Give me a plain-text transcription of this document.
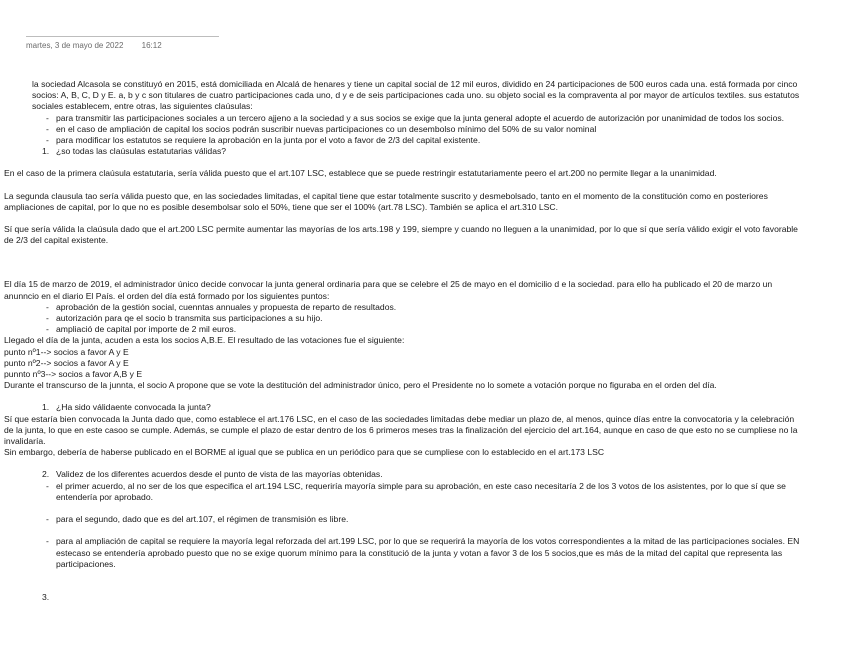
martes, 3 de mayo de 2022 16:12

la sociedad Alcasola se constituyó en 2015, está domiciliada en Alcalá de henares y tiene un capital social de 12 mil euros, dividido en 24 participaciones de 500 euros cada una. está formada por cinco socios: A, B, C, D y E. a, b y c son titulares de cuatro participaciones cada uno, d y e de seis participaciones cada uno. su objeto social es la compraventa al por mayor de artículos textiles. sus estatutos sociales establecem, entre otras, las siguientes claúsulas:

- para transmitir las participaciones sociales a un tercero ajjeno a la sociedad y a sus socios se exige que la junta general adopte el acuerdo de autorización por unanimidad de todos los socios.
- en el caso de ampliación de capital los socios podrán suscribir nuevas participaciones co un desembolso mínimo del 50% de su valor nominal
- para modificar los estatutos se requiere la aprobación en la junta por el voto a favor de 2/3 del capital existente.
1. ¿so todas las claúsulas estatutarias válidas?

En el caso de la primera claúsula estatutaria, sería válida puesto que el art.107 LSC, establece que se puede restringir estatutariamente peero el art.200 no permite llegar a la unanimidad.

La segunda clausula tao sería válida puesto que, en las sociedades limitadas, el capital tiene que estar totalmente suscrito y desmebolsado, tanto en el momento de la constitución como en posteriores ampliaciones de capital, por lo que no es posible desembolsar solo el 50%, tiene que ser el 100% (art.78 LSC). También se aplica el art.310 LSC.

Sí que sería válida la claúsula dado que el art.200 LSC permite aumentar las mayorías de los arts.198 y 199, siempre y cuando no lleguen a la unanimidad, por lo que sí que sería válido exigir el voto favorable de 2/3 del capital existente.

El día 15 de marzo de 2019, el administrador único decide convocar la junta general ordinaria para que se celebre el 25 de mayo en el domicilio d e la sociedad. para ello ha publicado el 20 de marzo un anunncio en el diario El País. el orden del día está formado por los siguientes puntos:

- aprobación de la gestión social, cuenntas annuales y propuesta de reparto de resultados.
- autorización para qe el socio b transmita sus participaciones a su hijo.
- ampliació de capital por importe de 2 mil euros.

Llegado el día de la junta, acuden a esta los socios A,B.E. El resultado de las votaciones fue el siguiente:

punto nº1--> socios a favor A y E

punto nº2--> socios a favor A y E

punnto nº3--> socios a favor A,B y E

Durante el transcurso de la junnta, el socio A propone que se vote la destitución del administrador único, pero el Presidente no lo somete a votación porque no figuraba en el orden del día.

1. ¿Ha sido válidaente convocada la junta?

Sí que estaría bien convocada la Junta dado que, como establece el art.176 LSC, en el caso de las sociedades limitadas debe mediar un plazo de, al menos, quince días entre la convocatoria y la celebración de la junta, lo que en este casoo se cumple. Además, se cumple el plazo de estar dentro de los 6 primeros meses tras la finalización del ejercicio del art.164, aunque en caso de que esto no se cumpliese no la invalidaría.

Sin embargo, debería de haberse publicado en el BORME al igual que se publica en un periódico para que se cumpliese con lo establecido en el art.173 LSC

2. Validez de los diferentes acuerdos desde el punto de vista de las mayorías obtenidas.
- el primer acuerdo, al no ser de los que especifica el art.194 LSC, requeriría mayoría simple para su aprobación, en este caso necesitaría 2 de los 3 votos de los asistentes, por lo que sí que se entendería por aprobado.
- para el segundo, dado que es del art.107, el régimen de transmisión es libre.
- para al ampliación de capital se requiere la mayoría legal reforzada del art.199 LSC, por lo que se requerirá la mayoría de los votos correspondientes a la mitad de las participaciones sociales. EN estecaso se entendería aprobado puesto que no se exige quorum mínimo para la constitució de la junta y votan a favor 3 de los 5 socios,que es más de la mitad del capital que representa las participaciones.
3.
